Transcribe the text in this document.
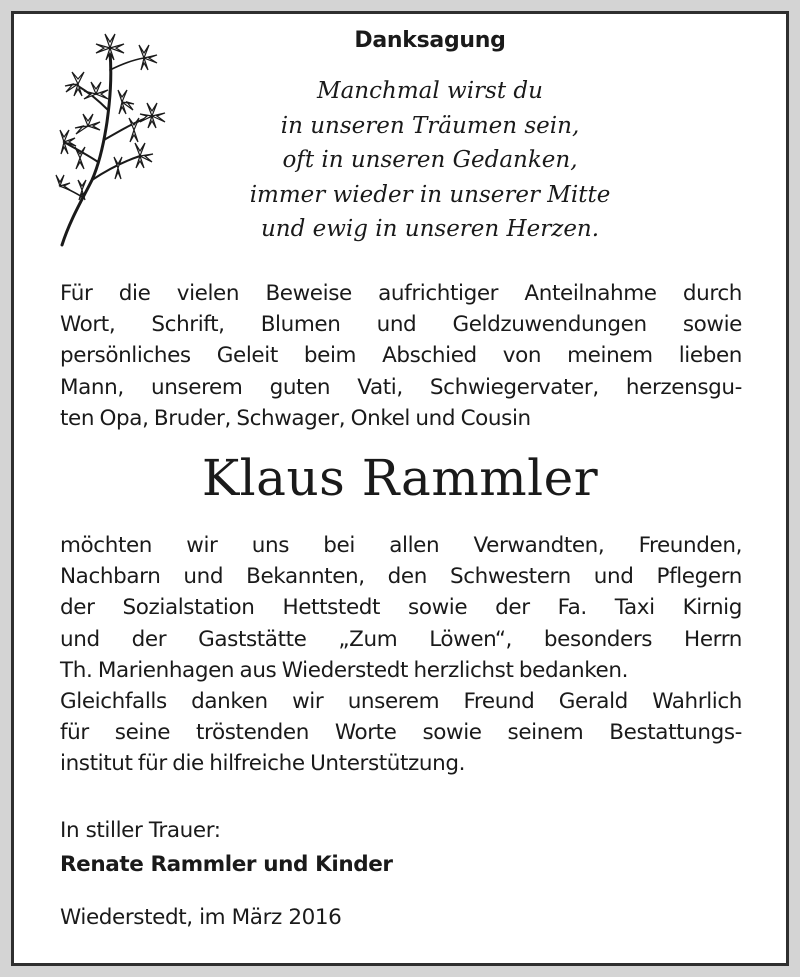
Danksagung
Manchmal wirst du
in unseren Träumen sein,
oft in unseren Gedanken,
immer wieder in unserer Mitte
und ewig in unseren Herzen.
Für die vielen Beweise aufrichtiger Anteilnahme durch
Wort, Schrift, Blumen und Geldzuwendungen sowie
persönliches Geleit beim Abschied von meinem lieben
Mann, unserem guten Vati, Schwiegervater, herzensgu-
ten Opa, Bruder, Schwager, Onkel und Cousin
Klaus Rammler
möchten wir uns bei allen Verwandten, Freunden,
Nachbarn und Bekannten, den Schwestern und Pflegern
der Sozialstation Hettstedt sowie der Fa. Taxi Kirnig
und der Gaststätte „Zum Löwen“, besonders Herrn
Th. Marienhagen aus Wiederstedt herzlichst bedanken.
Gleichfalls danken wir unserem Freund Gerald Wahrlich
für seine tröstenden Worte sowie seinem Bestattungs-
institut für die hilfreiche Unterstützung.
In stiller Trauer:
Renate Rammler und Kinder
Wiederstedt, im März 2016
